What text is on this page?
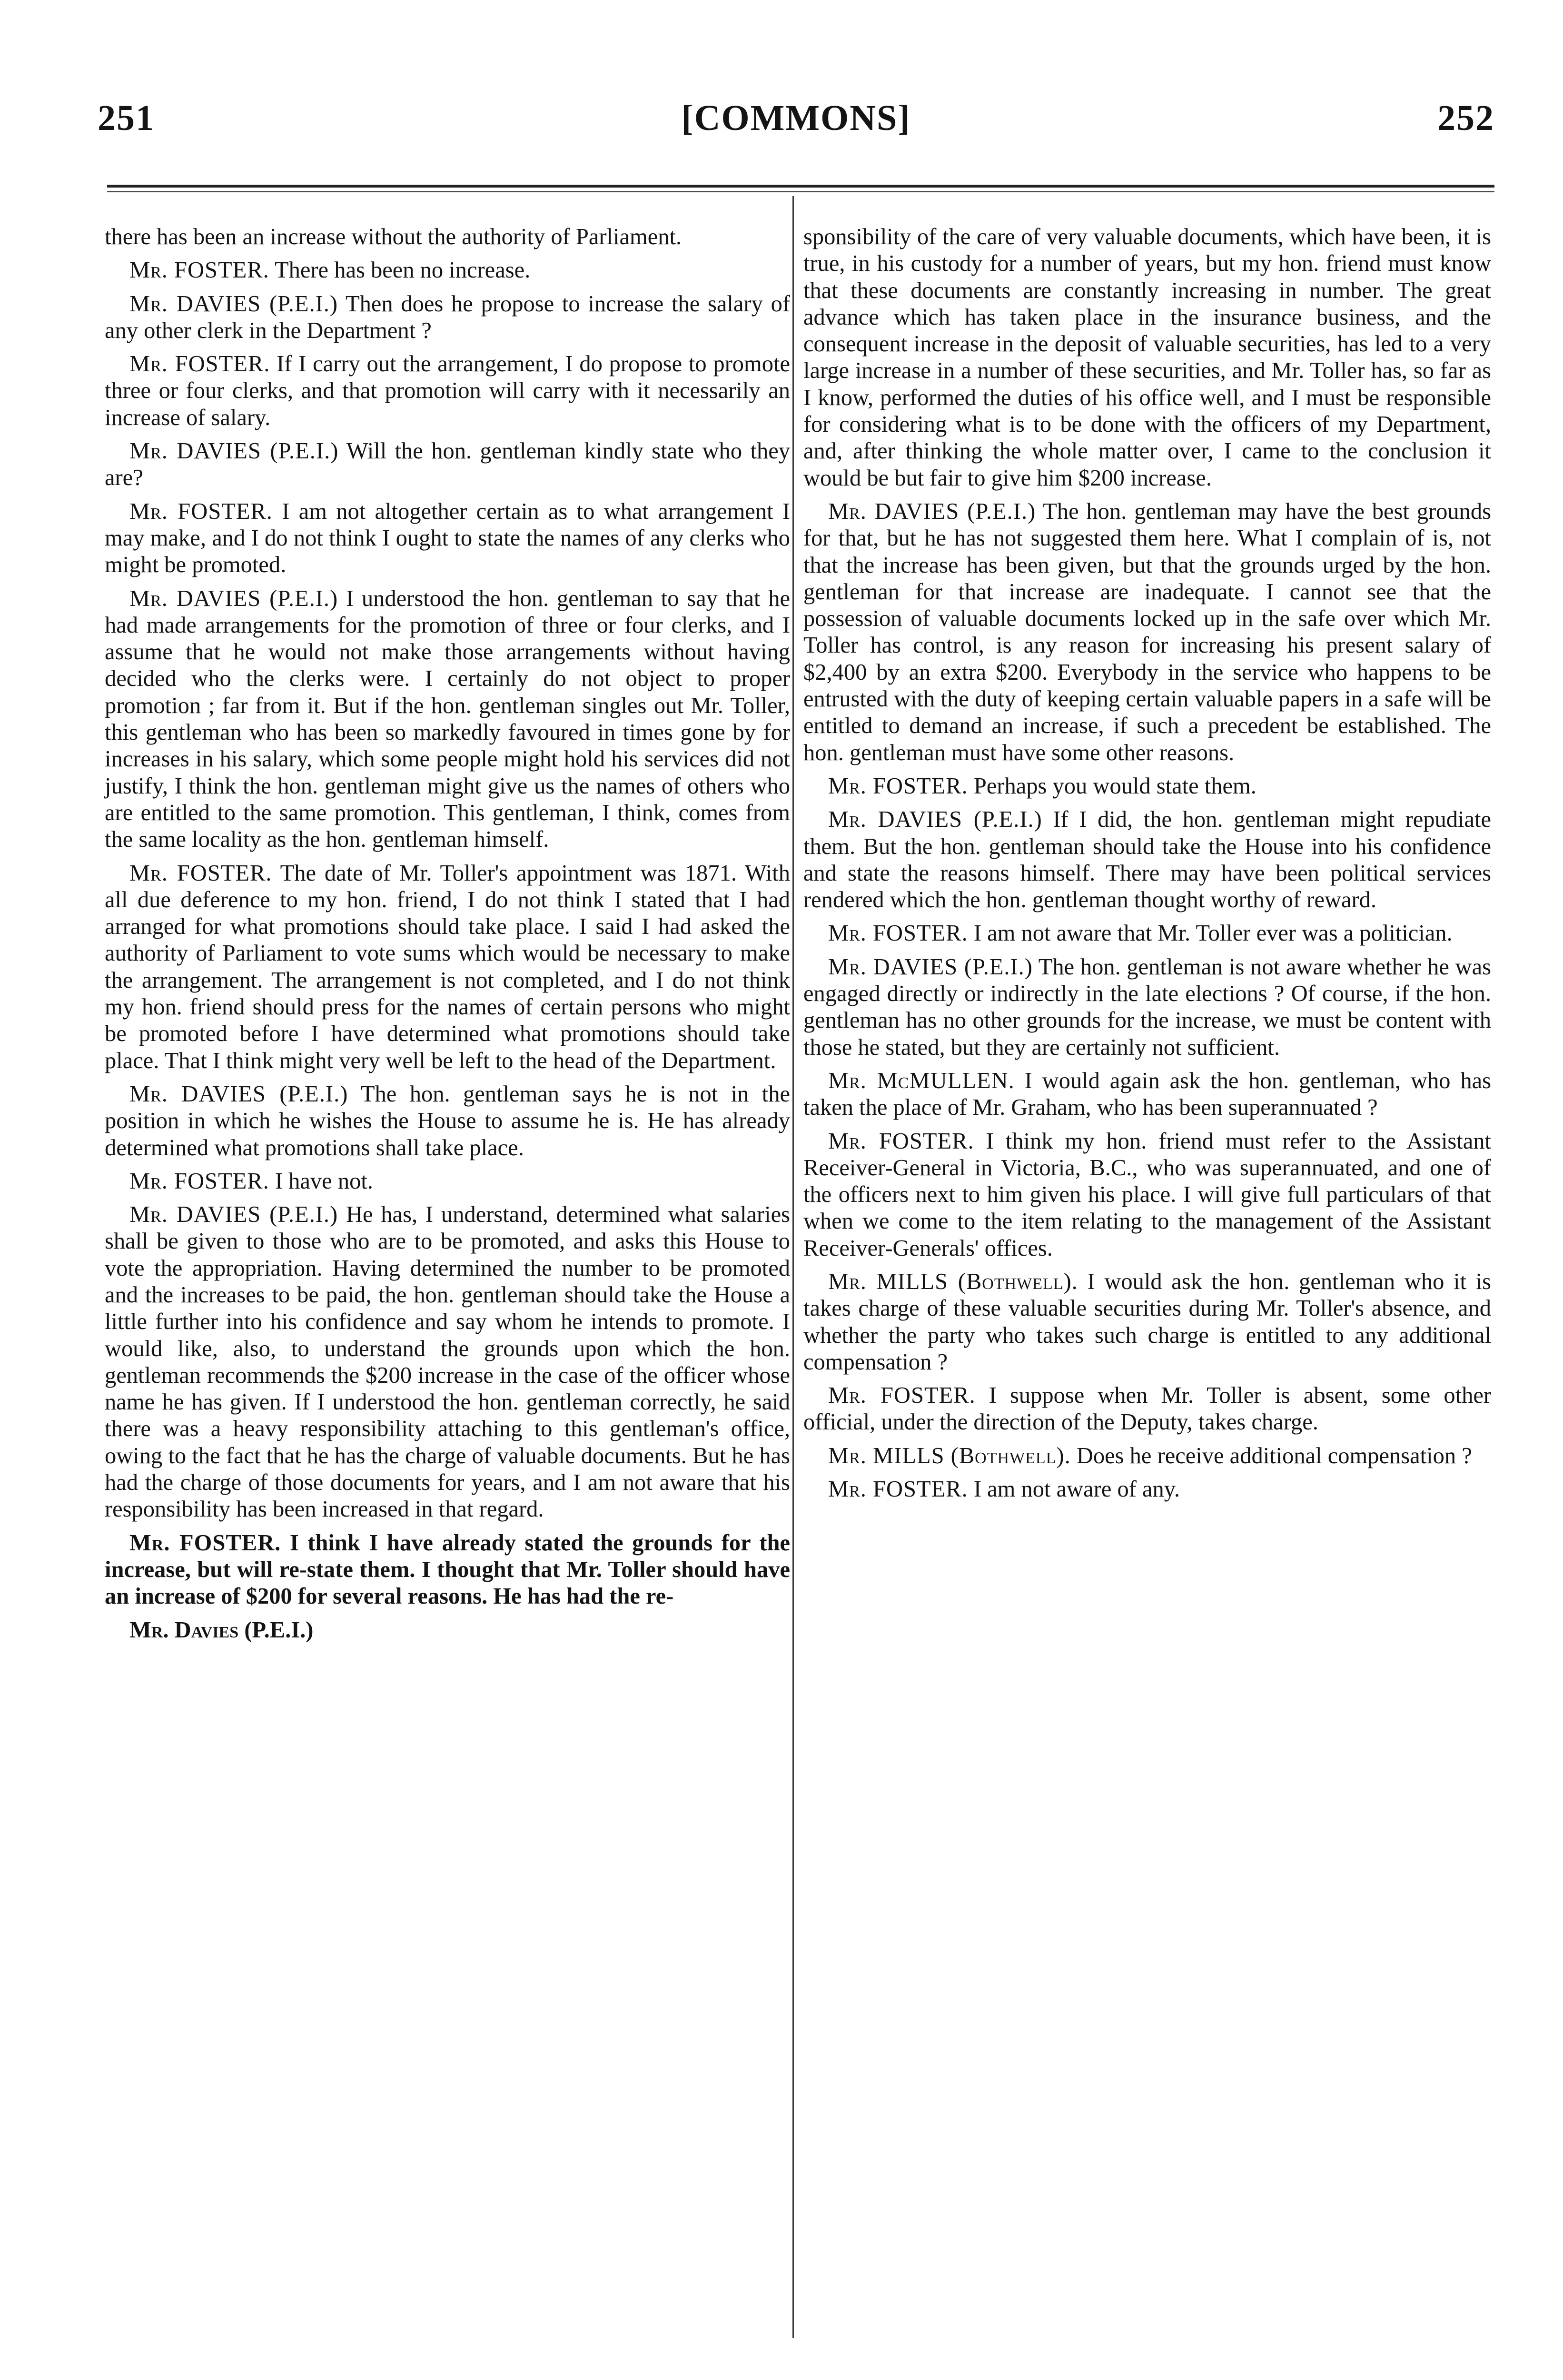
251	[COMMONS]	252

there has been an increase without the authority of Parliament.

Mr. FOSTER. There has been no increase.

Mr. DAVIES (P.E.I.) Then does he propose to increase the salary of any other clerk in the Department ?

Mr. FOSTER. If I carry out the arrangement, I do propose to promote three or four clerks, and that promotion will carry with it necessarily an increase of salary.

Mr. DAVIES (P.E.I.) Will the hon. gentleman kindly state who they are?

Mr. FOSTER. I am not altogether certain as to what arrangement I may make, and I do not think I ought to state the names of any clerks who might be promoted.

Mr. DAVIES (P.E.I.) I understood the hon. gentleman to say that he had made arrangements for the promotion of three or four clerks, and I assume that he would not make those arrangements without having decided who the clerks were. I certainly do not object to proper promotion ; far from it. But if the hon. gentleman singles out Mr. Toller, this gentleman who has been so markedly favoured in times gone by for increases in his salary, which some people might hold his services did not justify, I think the hon. gentleman might give us the names of others who are entitled to the same promotion. This gentleman, I think, comes from the same locality as the hon. gentleman himself.

Mr. FOSTER. The date of Mr. Toller's appointment was 1871. With all due deference to my hon. friend, I do not think I stated that I had arranged for what promotions should take place. I said I had asked the authority of Parliament to vote sums which would be necessary to make the arrangement. The arrangement is not completed, and I do not think my hon. friend should press for the names of certain persons who might be promoted before I have determined what promotions should take place. That I think might very well be left to the head of the Department.

Mr. DAVIES (P.E.I.) The hon. gentleman says he is not in the position in which he wishes the House to assume he is. He has already determined what promotions shall take place.

Mr. FOSTER. I have not.

Mr. DAVIES (P.E.I.) He has, I understand, determined what salaries shall be given to those who are to be promoted, and asks this House to vote the appropriation. Having determined the number to be promoted and the increases to be paid, the hon. gentleman should take the House a little further into his confidence and say whom he intends to promote. I would like, also, to understand the grounds upon which the hon. gentleman recommends the $200 increase in the case of the officer whose name he has given. If I understood the hon. gentleman correctly, he said there was a heavy responsibility attaching to this gentleman's office, owing to the fact that he has the charge of valuable documents. But he has had the charge of those documents for years, and I am not aware that his responsibility has been increased in that regard.

Mr. FOSTER. I think I have already stated the grounds for the increase, but will re-state them. I thought that Mr. Toller should have an increase of $200 for several reasons. He has had the re-

Mr. Davies (P.E.I.)

sponsibility of the care of very valuable documents, which have been, it is true, in his custody for a number of years, but my hon. friend must know that these documents are constantly increasing in number. The great advance which has taken place in the insurance business, and the consequent increase in the deposit of valuable securities, has led to a very large increase in a number of these securities, and Mr. Toller has, so far as I know, performed the duties of his office well, and I must be responsible for considering what is to be done with the officers of my Department, and, after thinking the whole matter over, I came to the conclusion it would be but fair to give him $200 increase.

Mr. DAVIES (P.E.I.) The hon. gentleman may have the best grounds for that, but he has not suggested them here. What I complain of is, not that the increase has been given, but that the grounds urged by the hon. gentleman for that increase are inadequate. I cannot see that the possession of valuable documents locked up in the safe over which Mr. Toller has control, is any reason for increasing his present salary of $2,400 by an extra $200. Everybody in the service who happens to be entrusted with the duty of keeping certain valuable papers in a safe will be entitled to demand an increase, if such a precedent be established. The hon. gentleman must have some other reasons.

Mr. FOSTER. Perhaps you would state them.

Mr. DAVIES (P.E.I.) If I did, the hon. gentleman might repudiate them. But the hon. gentleman should take the House into his confidence and state the reasons himself. There may have been political services rendered which the hon. gentleman thought worthy of reward.

Mr. FOSTER. I am not aware that Mr. Toller ever was a politician.

Mr. DAVIES (P.E.I.) The hon. gentleman is not aware whether he was engaged directly or indirectly in the late elections ? Of course, if the hon. gentleman has no other grounds for the increase, we must be content with those he stated, but they are certainly not sufficient.

Mr. McMULLEN. I would again ask the hon. gentleman, who has taken the place of Mr. Graham, who has been superannuated ?

Mr. FOSTER. I think my hon. friend must refer to the Assistant Receiver-General in Victoria, B.C., who was superannuated, and one of the officers next to him given his place. I will give full particulars of that when we come to the item relating to the management of the Assistant Receiver-Generals' offices.

Mr. MILLS (Bothwell). I would ask the hon. gentleman who it is takes charge of these valuable securities during Mr. Toller's absence, and whether the party who takes such charge is entitled to any additional compensation ?

Mr. FOSTER. I suppose when Mr. Toller is absent, some other official, under the direction of the Deputy, takes charge.

Mr. MILLS (Bothwell). Does he receive additional compensation ?

Mr. FOSTER. I am not aware of any.
